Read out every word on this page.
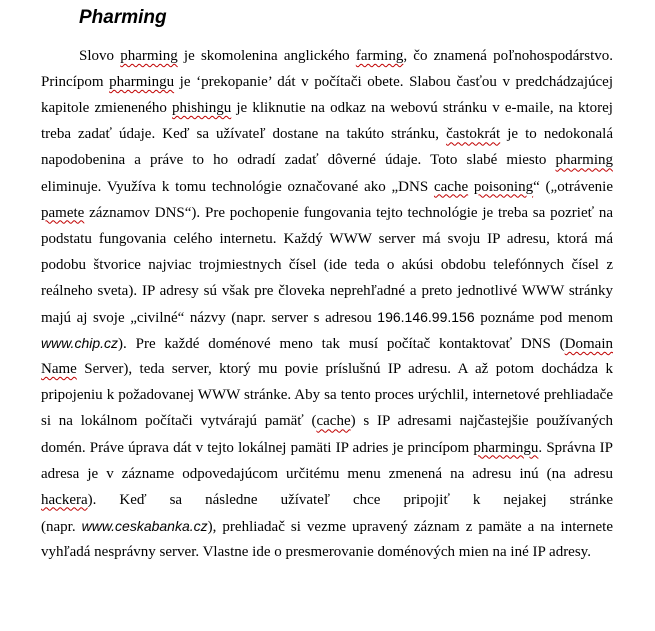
Pharming
Slovo pharming je skomolenina anglického farming, čo znamená poľnohospodárstvo.
Princípom pharmingu je ‘prekopanie’ dát v počítači obete. Slabou časťou v predchádzajúcej
kapitole zmieneného phishingu je kliknutie na odkaz na webovú stránku v e-maile, na ktorej
treba zadať údaje. Keď sa užívateľ dostane na takúto stránku, častokrát je to nedokonalá
napodobenina a práve to ho odradí zadať dôverné údaje. Toto slabé miesto pharming
eliminuje. Využíva k tomu technológie označované ako „DNS cache poisoning“ („otrávenie
pamete záznamov DNS“). Pre pochopenie fungovania tejto technológie je treba sa pozrieť na
podstatu fungovania celého internetu. Každý WWW server má svoju IP adresu, ktorá má
podobu štvorice najviac trojmiestnych čísel (ide teda o akúsi obdobu telefónnych čísel z
reálneho sveta). IP adresy sú však pre človeka neprehľadné a preto jednotlivé WWW stránky
majú aj svoje „civilné“ názvy (napr. server s adresou 196.146.99.156 poznáme pod menom
www.chip.cz). Pre každé doménové meno tak musí počítač kontaktovať DNS (Domain
Name Server), teda server, ktorý mu povie príslušnú IP adresu. A až potom dochádza k
pripojeniu k požadovanej WWW stránke. Aby sa tento proces urýchlil, internetové prehliadače
si na lokálnom počítači vytvárajú pamäť (cache) s IP adresami najčastejšie používaných
domén. Práve úprava dát v tejto lokálnej pamäti IP adries je princípom pharmingu. Správna IP
adresa je v zázname odpovedajúcom určitému menu zmenená na adresu inú (na adresu
hackera). Keď sa následne užívateľ chce pripojiť k nejakej stránke
(napr. www.ceskabanka.cz), prehliadač si vezme upravený záznam z pamäte a na internete
vyhľadá nesprávny server. Vlastne ide o presmerovanie doménových mien na iné IP adresy.
